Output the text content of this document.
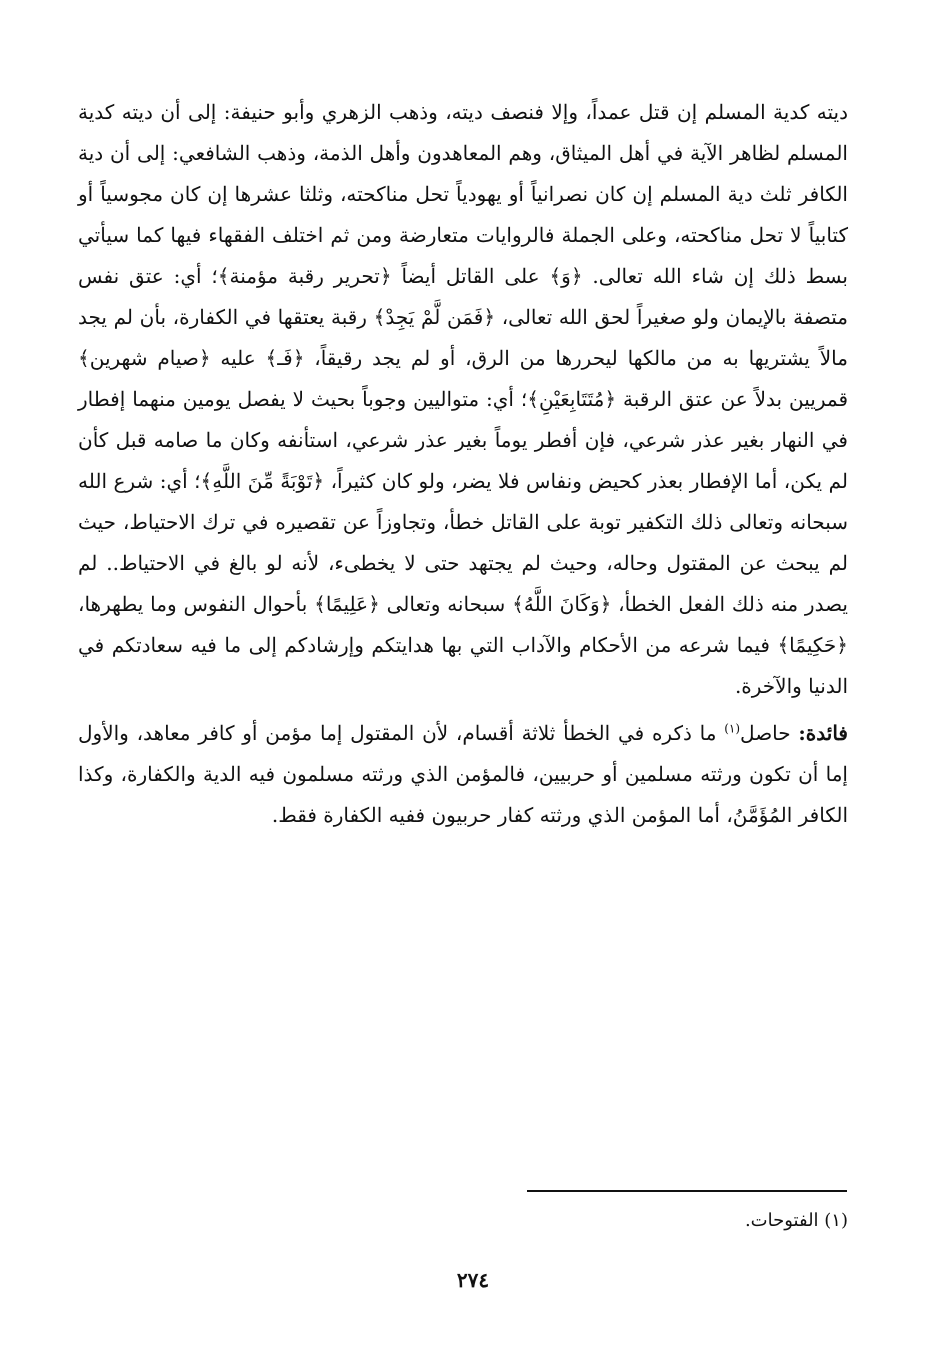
ديته كدية المسلم إن قتل عمداً، وإلا فنصف ديته، وذهب الزهري وأبو حنيفة: إلى أن ديته كدية المسلم لظاهر الآية في أهل الميثاق، وهم المعاهدون وأهل الذمة، وذهب الشافعي: إلى أن دية الكافر ثلث دية المسلم إن كان نصرانياً أو يهودياً تحل مناكحته، وثلثا عشرها إن كان مجوسياً أو كتابياً لا تحل مناكحته، وعلى الجملة فالروايات متعارضة ومن ثم اختلف الفقهاء فيها كما سيأتي بسط ذلك إن شاء الله تعالى. ﴿وَ﴾ على القاتل أيضاً ﴿تحرير رقبة مؤمنة﴾؛ أي: عتق نفس متصفة بالإيمان ولو صغيراً لحق الله تعالى، ﴿فَمَن لَّمْ يَجِدْ﴾ رقبة يعتقها في الكفارة، بأن لم يجد مالاً يشتريها به من مالكها ليحررها من الرق، أو لم يجد رقيقاً، ﴿فَـ﴾ عليه ﴿صيام شهرين﴾ قمريين بدلاً عن عتق الرقبة ﴿مُتَتَابِعَيْنِ﴾؛ أي: متواليين وجوباً بحيث لا يفصل يومين منهما إفطار في النهار بغير عذر شرعي، فإن أفطر يوماً بغير عذر شرعي، استأنفه وكان ما صامه قبل كأن لم يكن، أما الإفطار بعذر كحيض ونفاس فلا يضر، ولو كان كثيراً، ﴿تَوْبَةً مِّنَ اللَّهِ﴾؛ أي: شرع الله سبحانه وتعالى ذلك التكفير توبة على القاتل خطأ، وتجاوزاً عن تقصيره في ترك الاحتياط، حيث لم يبحث عن المقتول وحاله، وحيث لم يجتهد حتى لا يخطىء، لأنه لو بالغ في الاحتياط.. لم يصدر منه ذلك الفعل الخطأ، ﴿وَكَانَ اللَّهُ﴾ سبحانه وتعالى ﴿عَلِيمًا﴾ بأحوال النفوس وما يطهرها، ﴿حَكِيمًا﴾ فيما شرعه من الأحكام والآداب التي بها هدايتكم وإرشادكم إلى ما فيه سعادتكم في الدنيا والآخرة.

فائدة: حاصل$^{(١)}$ ما ذكره في الخطأ ثلاثة أقسام، لأن المقتول إما مؤمن أو كافر معاهد، والأول إما أن تكون ورثته مسلمين أو حربيين، فالمؤمن الذي ورثته مسلمون فيه الدية والكفارة، وكذا الكافر المُؤَمَّنُ، أما المؤمن الذي ورثته كفار حربيون ففيه الكفارة فقط.

(١) الفتوحات.
٢٧٤
